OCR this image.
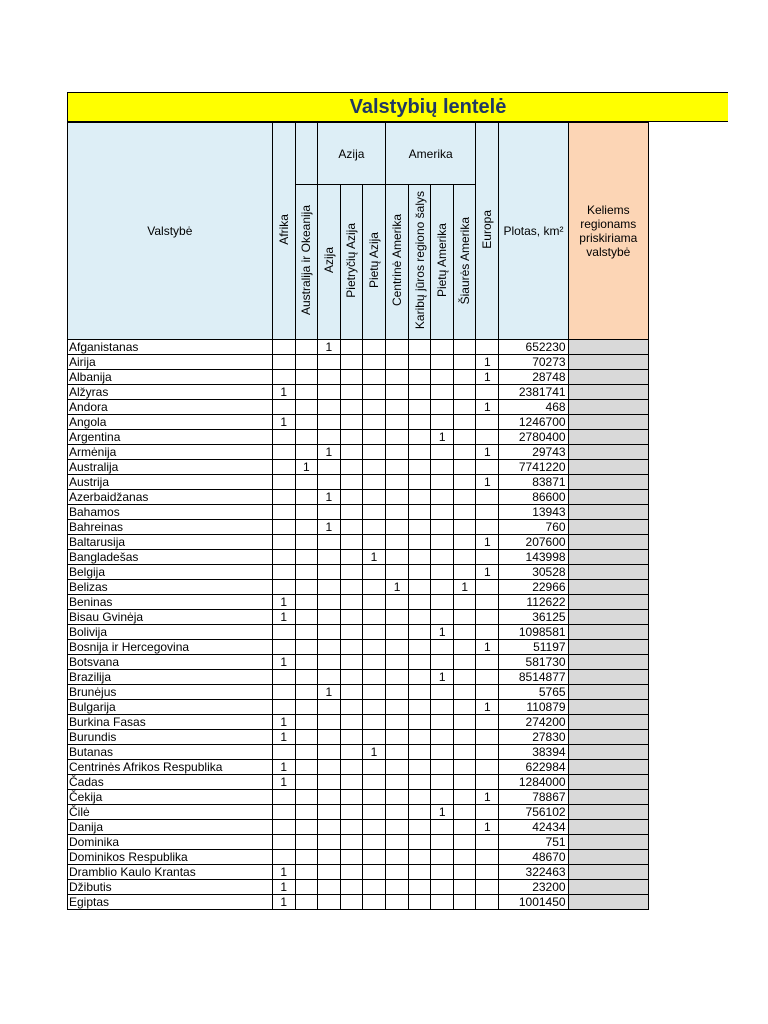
Valstybių lentelė
Valstybė	Afrika		Azija			Amerika				Europa	Plotas, km²	Keliems regionams priskiriama valstybė
		Australija ir Okeanija	Azija	Pietryčių Azija	Pietų Azija	Centrinė Amerika	Karibų jūros regiono šalys	Pietų Amerika	Šiaurės Amerika			
Afganistanas			1								652230	
Airija										1	70273	
Albanija										1	28748	
Alžyras	1										2381741	
Andora										1	468	
Angola	1										1246700	
Argentina								1			2780400	
Armėnija			1							1	29743	
Australija		1									7741220	
Austrija										1	83871	
Azerbaidžanas			1								86600	
Bahamos											13943	
Bahreinas			1								760	
Baltarusija										1	207600	
Bangladešas					1						143998	
Belgija										1	30528	
Belizas						1			1		22966	
Beninas	1										112622	
Bisau Gvinėja	1										36125	
Bolivija								1			1098581	
Bosnija ir Hercegovina										1	51197	
Botsvana	1										581730	
Brazilija								1			8514877	
Brunėjus			1								5765	
Bulgarija										1	110879	
Burkina Fasas	1										274200	
Burundis	1										27830	
Butanas					1						38394	
Centrinės Afrikos Respublika	1										622984	
Čadas	1										1284000	
Čekija										1	78867	
Čilė								1			756102	
Danija										1	42434	
Dominika											751	
Dominikos Respublika											48670	
Dramblio Kaulo Krantas	1										322463	
Džibutis	1										23200	
Egiptas	1										1001450	
